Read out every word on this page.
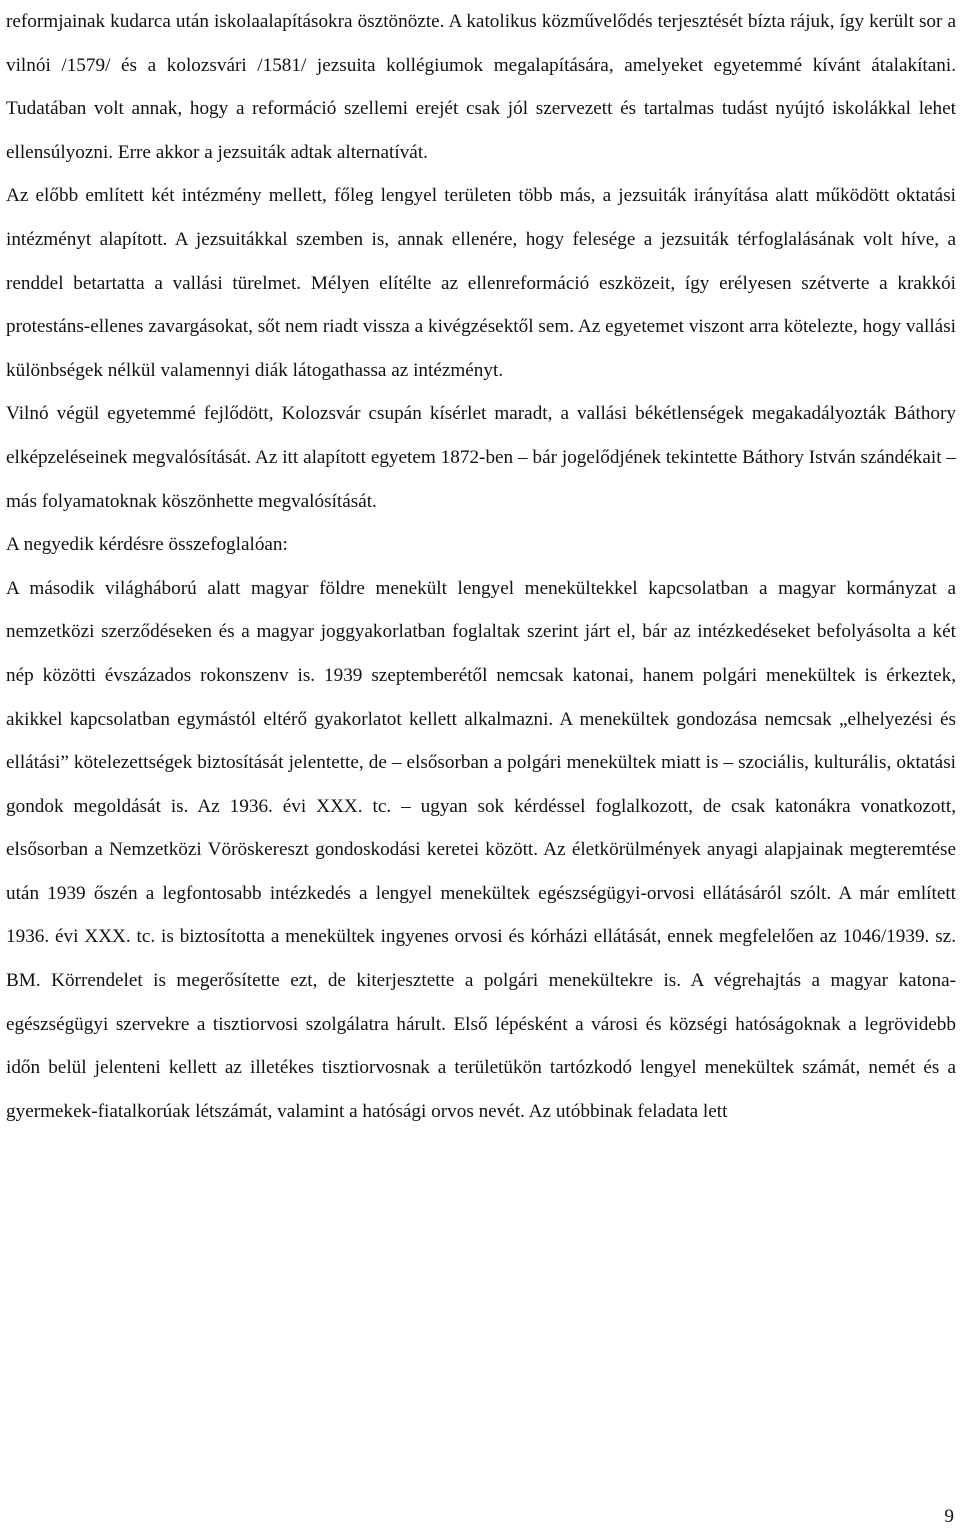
reformjainak kudarca után iskolaalapításokra ösztönözte. A katolikus közművelődés terjesztését bízta rájuk, így került sor a vilnói /1579/ és a kolozsvári /1581/ jezsuita kollégiumok megalapítására, amelyeket egyetemmé kívánt átalakítani. Tudatában volt annak, hogy a reformáció szellemi erejét csak jól szervezett és tartalmas tudást nyújtó iskolákkal lehet ellensúlyozni. Erre akkor a jezsuiták adtak alternatívát.

Az előbb említett két intézmény mellett, főleg lengyel területen több más, a jezsuiták irányítása alatt működött oktatási intézményt alapított. A jezsuitákkal szemben is, annak ellenére, hogy felesége a jezsuiták térfoglalásának volt híve, a renddel betartatta a vallási türelmet. Mélyen elítélte az ellenreformáció eszközeit, így erélyesen szétverte a krakkói protestáns-ellenes zavargásokat, sőt nem riadt vissza a kivégzésektől sem. Az egyetemet viszont arra kötelezte, hogy vallási különbségek nélkül valamennyi diák látogathassa az intézményt.

Vilnó végül egyetemmé fejlődött, Kolozsvár csupán kísérlet maradt, a vallási békétlenségek megakadályozták Báthory elképzeléseinek megvalósítását. Az itt alapított egyetem 1872-ben – bár jogelődjének tekintette Báthory István szándékait – más folyamatoknak köszönhette megvalósítását.

A negyedik kérdésre összefoglalóan:

A második világháború alatt magyar földre menekült lengyel menekültekkel kapcsolatban a magyar kormányzat a nemzetközi szerződéseken és a magyar joggyakorlatban foglaltak szerint járt el, bár az intézkedéseket befolyásolta a két nép közötti évszázados rokonszenv is. 1939 szeptemberétől nemcsak katonai, hanem polgári menekültek is érkeztek, akikkel kapcsolatban egymástól eltérő gyakorlatot kellett alkalmazni. A menekültek gondozása nemcsak „elhelyezési és ellátási” kötelezettségek biztosítását jelentette, de – elsősorban a polgári menekültek miatt is – szociális, kulturális, oktatási gondok megoldását is. Az 1936. évi XXX. tc. – ugyan sok kérdéssel foglalkozott, de csak katonákra vonatkozott, elsősorban a Nemzetközi Vöröskereszt gondoskodási keretei között. Az életkörülmények anyagi alapjainak megteremtése után 1939 őszén a legfontosabb intézkedés a lengyel menekültek egészségügyi-orvosi ellátásáról szólt. A már említett 1936. évi XXX. tc. is biztosította a menekültek ingyenes orvosi és kórházi ellátását, ennek megfelelően az 1046/1939. sz. BM. Körrendelet is megerősítette ezt, de kiterjesztette a polgári menekültekre is. A végrehajtás a magyar katona-egészségügyi szervekre a tisztiorvosi szolgálatra hárult. Első lépésként a városi és községi hatóságoknak a legrövidebb időn belül jelenteni kellett az illetékes tisztiorvosnak a területükön tartózkodó lengyel menekültek számát, nemét és a gyermekek-fiatalkorúak létszámát, valamint a hatósági orvos nevét. Az utóbbinak feladata lett

9
